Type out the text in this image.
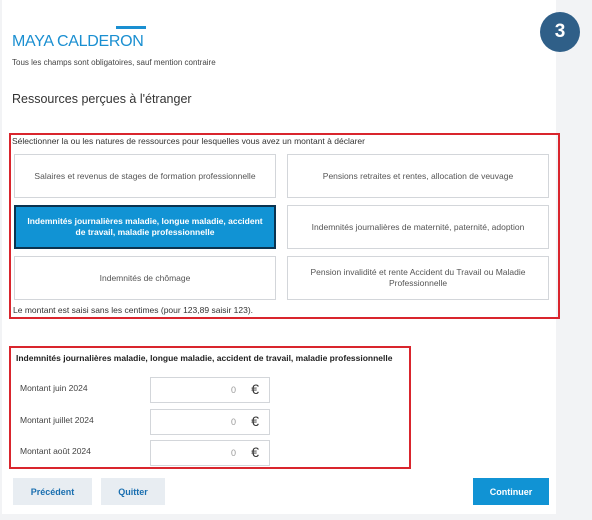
MAYA CALDERON
Tous les champs sont obligatoires, sauf mention contraire
Ressources perçues à l'étranger
3
Sélectionner la ou les natures de ressources pour lesquelles vous avez un montant à déclarer
Salaires et revenus de stages de formation professionnelle	Pensions retraites et rentes, allocation de veuvage
Indemnités journalières maladie, longue maladie, accident de travail, maladie professionnelle
Indemnités journalières de maternité, paternité, adoption
Indemnités de chômage
Pension invalidité et rente Accident du Travail ou Maladie Professionnelle
Le montant est saisi sans les centimes (pour 123,89 saisir 123).
Indemnités journalières maladie, longue maladie, accident de travail, maladie professionnelle
Montant juin 2024	0 €
Montant juillet 2024	0 €
Montant août 2024	0 €
Précédent	Quitter	Continuer
